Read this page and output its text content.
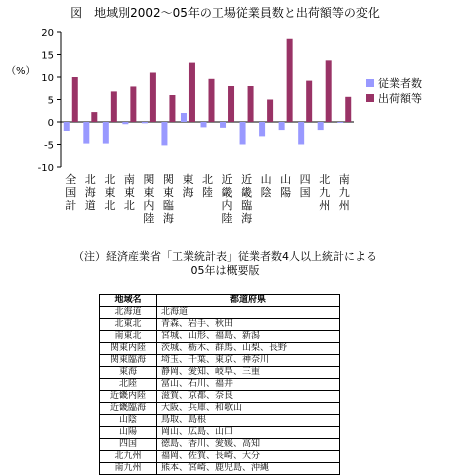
図　地域別2002～05年の工場従業員数と出荷額等の変化
-10
-5
0
5
10
15
20
全国計
北海道
北東北
南東北
関東内陸
関東臨海
東海
北陸
近畿内陸
近畿臨海
山陰
山陽
四国
北九州
南九州
（%）
従業者数
出荷額等
（注）経済産業省「工業統計表」従業者数4人以上統計による
05年は概要版
地域名	都道府県
北海道	北海道
北東北	青森、岩手、秋田
南東北	宮城、山形、福島、新潟
関東内陸	茨城、栃木、群馬、山梨、長野
関東臨海	埼玉、千葉、東京、神奈川
東海	静岡、愛知、岐阜、三重
北陸	富山、石川、福井
近畿内陸	滋賀、京都、奈良
近畿臨海	大阪、兵庫、和歌山
山陰	鳥取、島根
山陽	岡山、広島、山口
四国	徳島、香川、愛媛、高知
北九州	福岡、佐賀、長崎、大分
南九州	熊本、宮崎、鹿児島、沖縄
